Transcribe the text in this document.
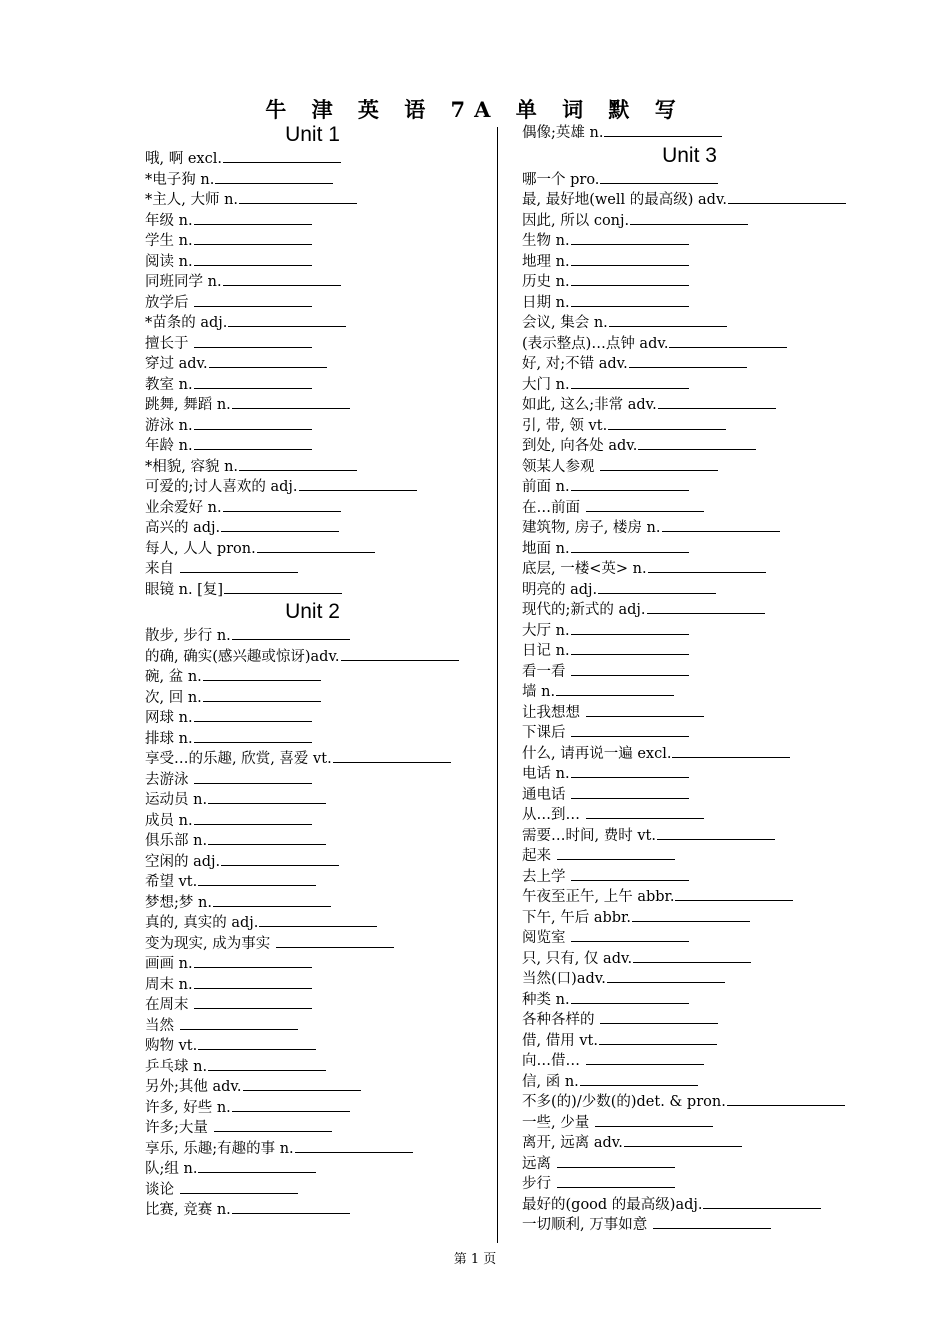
牛 津 英 语 7A 单 词 默 写
Unit 1
哦, 啊 excl.
*电子狗 n.
*主人, 大师 n.
年级 n.
学生 n.
阅读 n.
同班同学 n.
放学后
*苗条的 adj.
擅长于
穿过 adv.
教室 n.
跳舞, 舞蹈 n.
游泳 n.
年龄 n.
*相貌, 容貌 n.
可爱的;讨人喜欢的 adj.
业余爱好 n.
高兴的 adj.
每人, 人人 pron.
来自
眼镜 n. [复]
Unit 2
散步, 步行 n.
的确, 确实(感兴趣或惊讶)adv.
碗, 盆 n.
次, 回 n.
网球 n.
排球 n.
享受…的乐趣, 欣赏, 喜爱 vt.
去游泳
运动员 n.
成员 n.
俱乐部 n.
空闲的 adj.
希望 vt.
梦想;梦 n.
真的, 真实的 adj.
变为现实, 成为事实
画画 n.
周末 n.
在周末
当然
购物 vt.
乒乓球 n.
另外;其他 adv.
许多, 好些 n.
许多;大量
享乐, 乐趣;有趣的事 n.
队;组 n.
谈论
比赛, 竞赛 n.
偶像;英雄 n.
Unit 3
哪一个 pro.
最, 最好地(well 的最高级) adv.
因此, 所以 conj.
生物 n.
地理 n.
历史 n.
日期 n.
会议, 集会 n.
(表示整点)…点钟 adv.
好, 对;不错 adv.
大门 n.
如此, 这么;非常 adv.
引, 带, 领 vt.
到处, 向各处 adv.
领某人参观
前面 n.
在…前面
建筑物, 房子, 楼房 n.
地面 n.
底层, 一楼<英> n.
明亮的 adj.
现代的;新式的 adj.
大厅 n.
日记 n.
看一看
墙 n.
让我想想
下课后
什么, 请再说一遍 excl.
电话 n.
通电话
从…到…
需要…时间, 费时 vt.
起来
去上学
午夜至正午, 上午 abbr.
下午, 午后 abbr.
阅览室
只, 只有, 仅 adv.
当然(口)adv.
种类 n.
各种各样的
借, 借用 vt.
向…借…
信, 函 n.
不多(的)/少数(的)det. & pron.
一些, 少量
离开, 远离 adv.
远离
步行
最好的(good 的最高级)adj.
一切顺利, 万事如意
第 1 页
